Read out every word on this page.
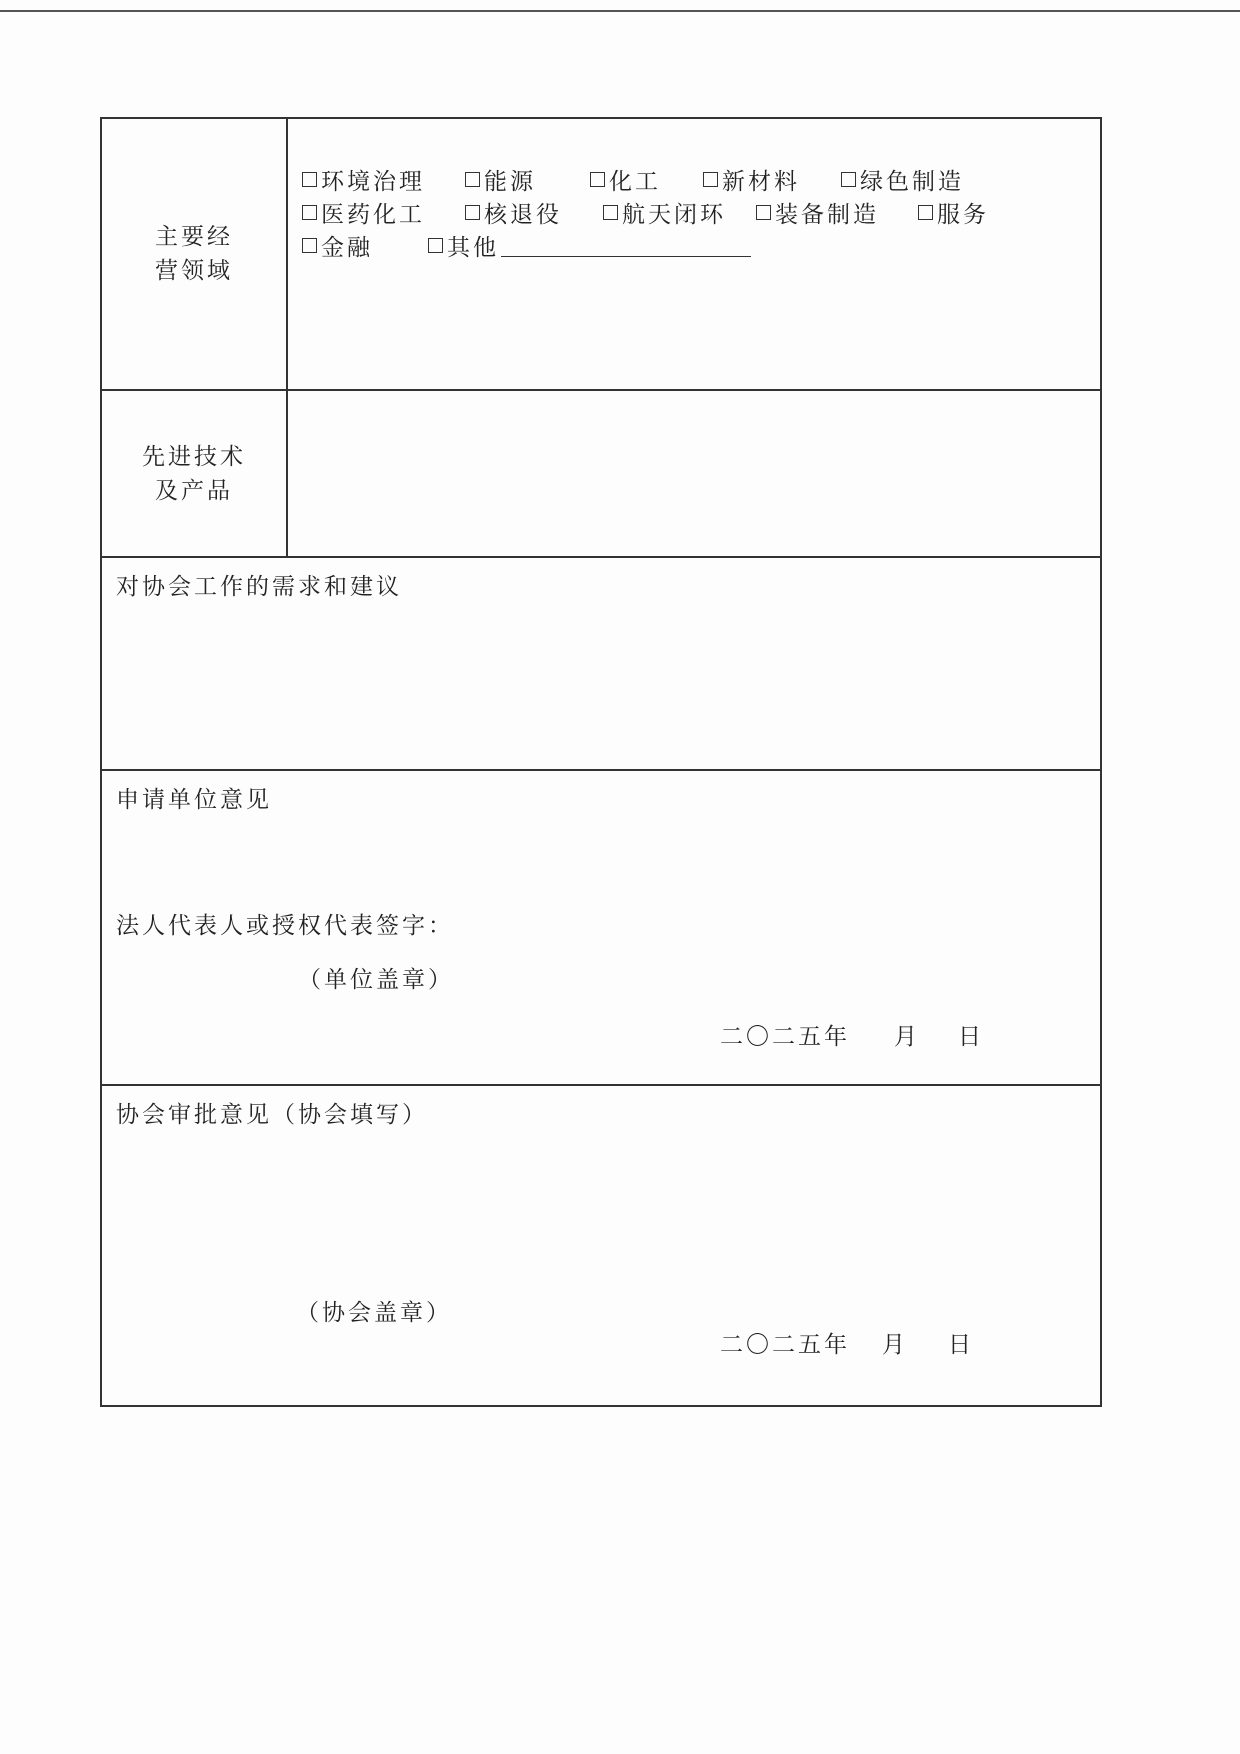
主要经
营领域
环境治理	能源	化工	新材料	绿色制造
医药化工	核退役	航天闭环 装备制造	服务
金融	其他
先进技术
及产品
对协会工作的需求和建议
申请单位意见
法人代表人或授权代表签字：
（单位盖章）
二〇二五年 月 日
协会审批意见（协会填写）
（协会盖章）
二〇二五年 月 日
